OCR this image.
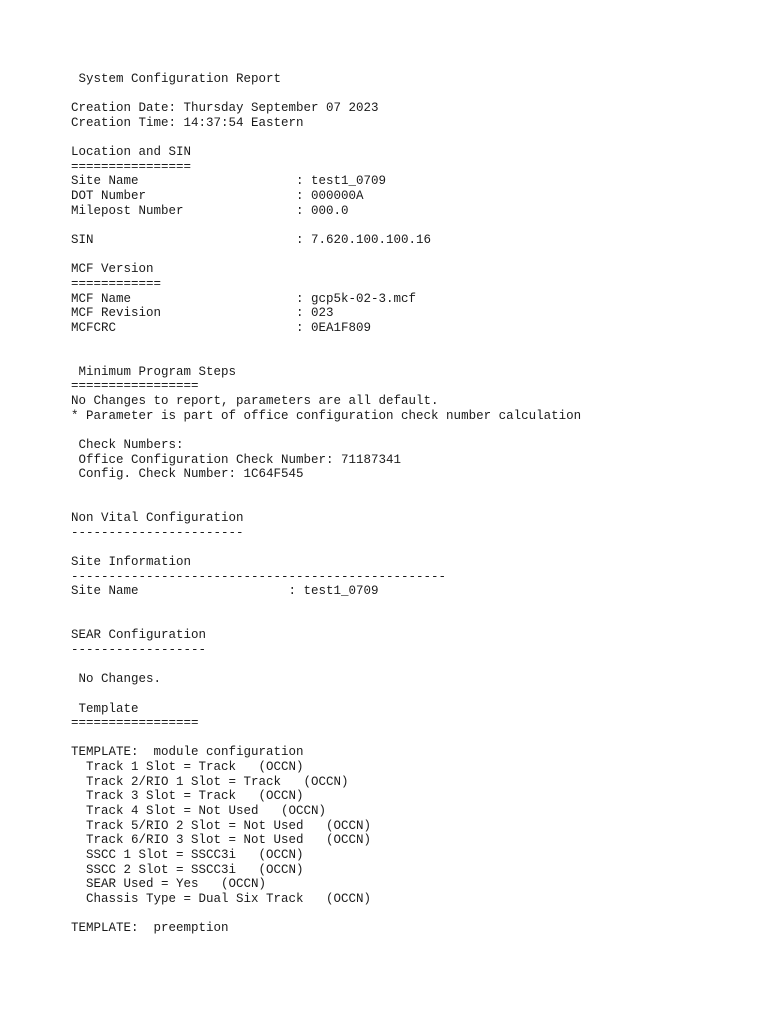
System Configuration Report
Creation Date: Thursday September 07 2023
Creation Time: 14:37:54 Eastern
Location and SIN
================
Site Name                     : test1_0709
DOT Number                    : 000000A
Milepost Number               : 000.0
SIN                           : 7.620.100.100.16
MCF Version
============
MCF Name                      : gcp5k-02-3.mcf
MCF Revision                  : 023
MCFCRC                        : 0EA1F809
Minimum Program Steps
=================
No Changes to report, parameters are all default.
* Parameter is part of office configuration check number calculation
Check Numbers:
Office Configuration Check Number: 71187341
Config. Check Number: 1C64F545
Non Vital Configuration
-----------------------
Site Information
--------------------------------------------------
Site Name                    : test1_0709
SEAR Configuration
------------------
No Changes.
Template
=================
TEMPLATE:  module configuration
Track 1 Slot = Track   (OCCN)
Track 2/RIO 1 Slot = Track   (OCCN)
Track 3 Slot = Track   (OCCN)
Track 4 Slot = Not Used   (OCCN)
Track 5/RIO 2 Slot = Not Used   (OCCN)
Track 6/RIO 3 Slot = Not Used   (OCCN)
SSCC 1 Slot = SSCC3i   (OCCN)
SSCC 2 Slot = SSCC3i   (OCCN)
SEAR Used = Yes   (OCCN)
Chassis Type = Dual Six Track   (OCCN)
TEMPLATE:  preemption
